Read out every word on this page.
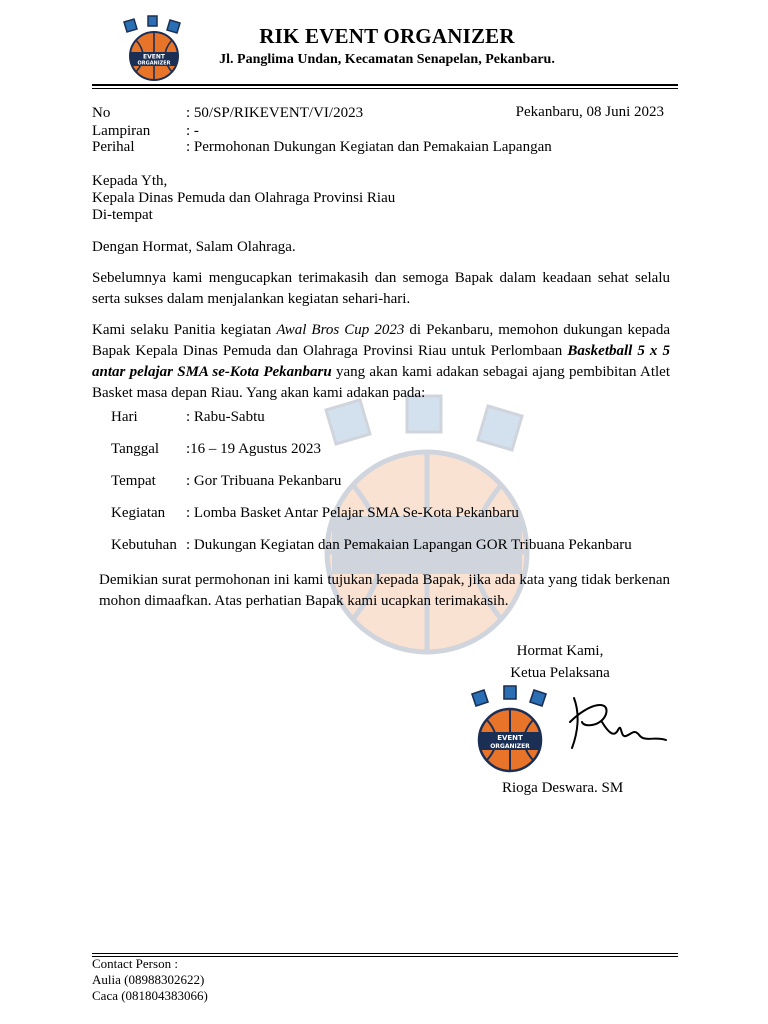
EVENT
ORGANIZER
RIK EVENT ORGANIZER
Jl. Panglima Undan, Kecamatan Senapelan, Pekanbaru.
No	: 50/SP/RIKEVENT/VI/2023	Pekanbaru, 08 Juni 2023
Lampiran : -
Perihal	: Permohonan Dukungan Kegiatan dan Pemakaian Lapangan
Kepada Yth,
Kepala Dinas Pemuda dan Olahraga Provinsi Riau
Di-tempat
Dengan Hormat, Salam Olahraga.
Sebelumnya kami mengucapkan terimakasih dan semoga Bapak dalam keadaan sehat selalu serta sukses dalam menjalankan kegiatan sehari-hari.
Kami selaku Panitia kegiatan Awal Bros Cup 2023 di Pekanbaru, memohon dukungan kepada Bapak Kepala Dinas Pemuda dan Olahraga Provinsi Riau untuk Perlombaan Basketball 5 x 5 antar pelajar SMA se-Kota Pekanbaru yang akan kami adakan sebagai ajang pembibitan Atlet Basket masa depan Riau. Yang akan kami adakan pada:
Hari	: Rabu-Sabtu
Tanggal :16 – 19 Agustus 2023
Tempat : Gor Tribuana Pekanbaru
Kegiatan : Lomba Basket Antar Pelajar SMA Se-Kota Pekanbaru
Kebutuhan : Dukungan Kegiatan dan Pemakaian Lapangan GOR Tribuana Pekanbaru
Demikian surat permohonan ini kami tujukan kepada Bapak, jika ada kata yang tidak berkenan mohon dimaafkan. Atas perhatian Bapak kami ucapkan terimakasih.
Hormat Kami,
Ketua Pelaksana
EVENT
ORGANIZER
Rioga Deswara. SM
Contact Person :
Aulia (08988302622)
Caca (081804383066)
